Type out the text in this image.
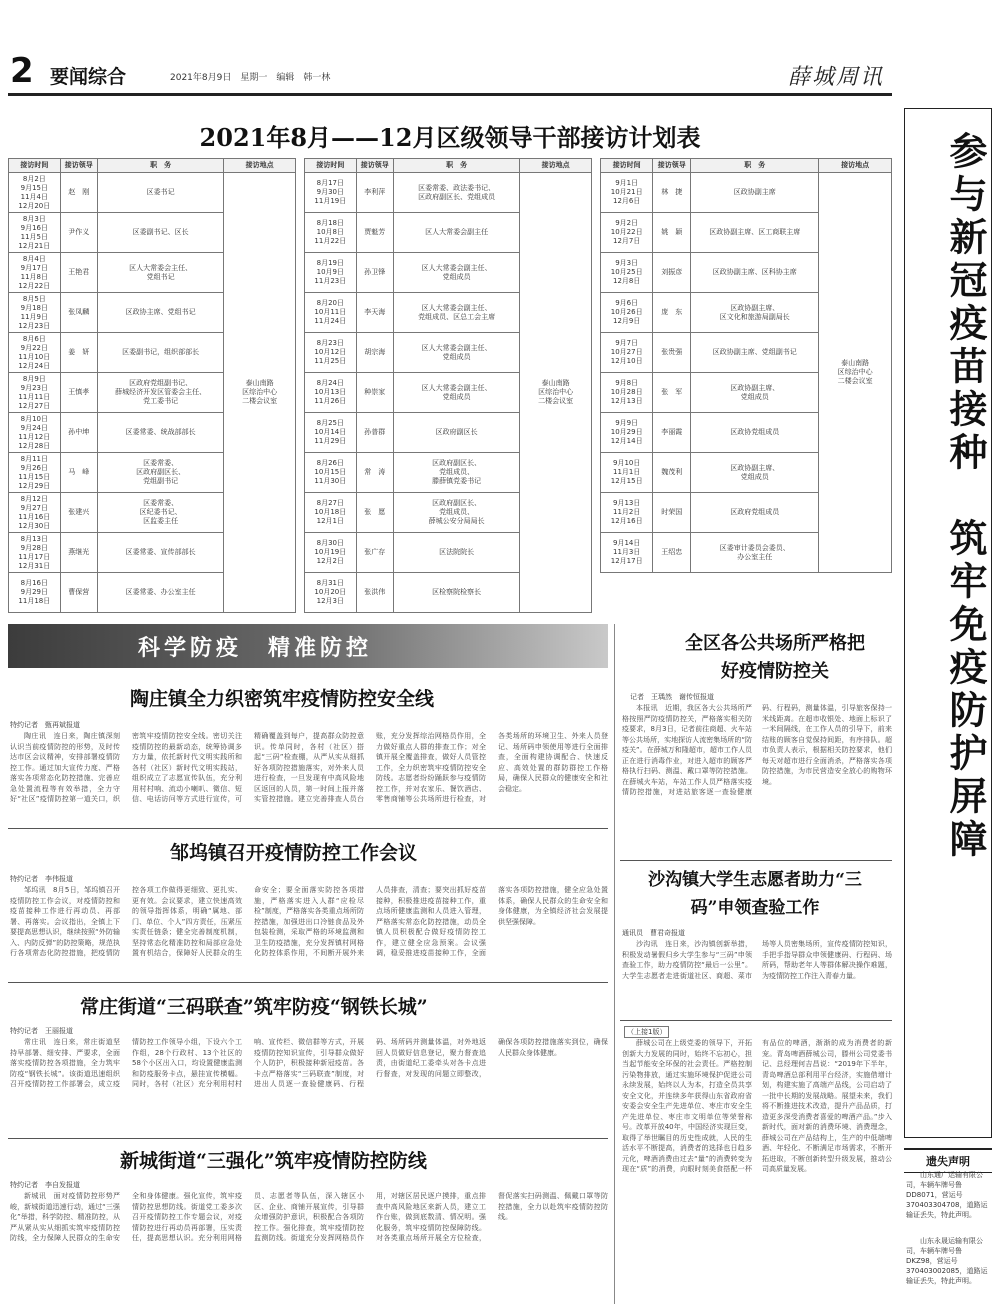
2 要闻综合	2021年8月9日　星期一　编辑　韩一林	薛城周讯
2021年8月——12月区级领导干部接访计划表
接访时间	接访领导	职　务	接访地点
8月2日
9月15日
11月4日
12月20日	赵　刚	区委书记	泰山南路
区综治中心
二楼会议室
8月3日
9月16日
11月5日
12月21日	尹作义	区委副书记、区长	
8月4日
9月17日
11月8日
12月22日	王艳君	区人大常委会主任、
党组书记	
8月5日
9月18日
11月9日
12月23日	张凤麟	区政协主席、党组书记	
8月6日
9月22日
11月10日
12月24日	姜　妍	区委副书记，组织部部长	
8月9日
9月23日
11月11日
12月27日	王慎孝	区政府党组副书记、
薛城经济开发区管委会主任、
党工委书记	
8月10日
9月24日
11月12日
12月28日	孙中坤	区委常委、统战部部长	
8月11日
9月26日
11月15日
12月29日	马　峰	区委常委、
区政府副区长、
党组副书记	
8月12日
9月27日
11月16日
12月30日	张建兴	区委常委、
区纪委书记、
区监委主任	
8月13日
9月28日
11月17日
12月31日	燕继光	区委常委、宣传部部长	
8月16日
9月29日
11月18日	曹保营	区委常委、办公室主任	
接访时间	接访领导	职　务	接访地点
8月17日
9月30日
11月19日	李利萍	区委常委、政法委书记、
区政府副区长、党组成员	泰山南路
区综治中心
二楼会议室
8月18日
10月8日
11月22日	贾魁芳	区人大常委会副主任	
8月19日
10月9日
11月23日	孙卫锋	区人大常委会副主任、
党组成员	
8月20日
10月11日
11月24日	李天海	区人大常委会副主任、
党组成员、区总工会主席	
8月23日
10月12日
11月25日	胡宗海	区人大常委会副主任、
党组成员	
8月24日
10月13日
11月26日	种崇家	区人大常委会副主任、
党组成员	
8月25日
10月14日
11月29日	孙普群	区政府副区长	
8月26日
10月15日
11月30日	常　涛	区政府副区长、
党组成员、
滕薛镇党委书记	
8月27日
10月18日
12月1日	张　愿	区政府副区长、
党组成员、
薛城公安分局局长	
8月30日
10月19日
12月2日	张广存	区法院院长	
8月31日
10月20日
12月3日	张洪伟	区检察院检察长	
接访时间	接访领导	职　务	接访地点
9月1日
10月21日
12月6日	林　捷	区政协副主席	泰山南路
区综治中心
二楼会议室
9月2日
10月22日
12月7日	姚　颖	区政协副主席、区工商联主席	
9月3日
10月25日
12月8日	刘振彦	区政协副主席、区科协主席	
9月6日
10月26日
12月9日	庞　东	区政协副主席、
区文化和旅游局副局长	
9月7日
10月27日
12月10日	张贵强	区政协副主席、党组副书记	
9月8日
10月28日
12月13日	张　军	区政协副主席、
党组成员	
9月9日
10月29日
12月14日	李丽霞	区政协党组成员	
9月10日
11月1日
12月15日	魏茂利	区政协副主席、
党组成员	
9月13日
11月2日
12月16日	时荣国	区政府党组成员	
9月14日
11月3日
12月17日	王绍忠	区委审计委员会委员、
办公室主任		参与新冠疫苗接种　筑牢免疫防护屏障
遗失声明
山东通广运输有限公司，车辆车牌号鲁DD8071，营运号370403304708，道路运输证丢失，特此声明。
山东永晟运输有限公司，车辆车牌号鲁DKZ98，营运号370403002085，道路运输证丢失，特此声明。
科学防疫　精准防控
陶庄镇全力织密筑牢疫情防控安全线
特约记者　甄再斌报道
陶庄讯　连日来，陶庄镇深刻认识当前疫情防控的形势，及时传达市区会议精神，安排部署疫情防控工作。通过加大宣传力度、严格落实各项常态化防控措施、完善应急处置流程等有效举措，全力守好“社区”疫情防控第一道关口，织密筑牢疫情防控安全线。密切关注疫情防控的最新动态，统筹协调多方力量，依托新时代文明实践所和各村（社区）新时代文明实践站，组织成立了志愿宣传队伍，充分利用村村响、流动小喇叭、微信、短信、电话访问等方式进行宣传，可精确覆盖到每户，提高群众防控意识。传单同时，各村（社区）搭起“三码”检查棚，从严从实从细抓好各项防控措施落实，对外来人员进行检查，一旦发现有中高风险地区返回的人员，第一时间上报并落实管控措施。建立完善排查人员台账，充分发挥综治网格员作用，全力做好重点人群的排查工作；对全镇开展全覆盖排查，做好人员管控工作，全力织密筑牢疫情防控安全防线。志愿者纷纷踊跃参与疫情防控工作，并对农家乐、餐饮酒店、零售商铺等公共场所进行检查，对各类场所的环境卫生、外来人员登记、场所码申领使用等进行全面排查，全面构建协调配合、快速反应、高效处置的群防群控工作格局，确保人民群众的健康安全和社会稳定。
邹坞镇召开疫情防控工作会议
特约记者　李伟报道
邹坞讯　8月5日，邹坞镇召开疫情防控工作会议，对疫情防控和疫苗接种工作进行再动员、再部署、再落实。会议指出，全镇上下要提高思想认识，继续按照“外防输入、内防反弹”的防控策略，规范执行各项常态化防控措施，把疫情防控各项工作做得更细致、更扎实、更有效。会议要求，建立快速高效的领导指挥体系，明确“属地、部门、单位、个人”四方责任，压紧压实责任链条；健全完善制度机制，坚持常态化精准防控和局部应急处置有机结合，保障好人民群众的生命安全；要全面落实防控各项措施，严格落实进入人群“应检尽检”制度，严格落实各类重点场所防控措施，加强进出口冷链食品及外包装检测，采取严格的环境监测和卫生防疫措施，充分发挥镇村网格化防控体系作用，不间断开展外来人员排查，清查；要突出抓好疫苗接种，积极推进疫苗接种工作，重点场所健康监测和人员进入管理，严格落实常态化防控措施，动员全镇人员积极配合做好疫情防控工作，建立健全应急预案。会议强调，稳妥推进疫苗接种工作，全面落实各项防控措施，健全应急处置体系，确保人民群众的生命安全和身体健康，为全镇经济社会发展提供坚强保障。
常庄街道“三码联查”筑牢防疫“钢铁长城”
特约记者　王丽报道
常庄讯　连日来，常庄街道坚持早部署、细安排、严要求，全面落实疫情防控各项措施，全力筑牢防疫“钢铁长城”。该街道迅速组织召开疫情防控工作部署会，成立疫情防控工作领导小组，下设六个工作组，28个行政村、13个社区的58个小区出入口，均设置健康监测和防疫服务卡点，悬挂宣传横幅。同时，各村（社区）充分利用村村响、宣传栏、微信群等方式，开展疫情防控知识宣传，引导群众做好个人防护，积极接种新冠疫苗。各卡点严格落实“三码联查”制度，对进出人员逐一查验健康码、行程码、场所码并测量体温，对外地返回人员做好信息登记，聚力督查追责，由街道纪工委牵头对各卡点进行督查，对发现的问题立即整改，确保各项防控措施落实到位，确保人民群众身体健康。
新城街道“三强化”筑牢疫情防控防线
特约记者　李自发报道
新城讯　面对疫情防控形势严峻，新城街道迅速行动，通过“三强化”举措，科学防控、精准防控，从严从紧从实从细抓实筑牢疫情防控防线，全力保障人民群众的生命安全和身体健康。强化宣传，筑牢疫情防控思想防线。街道党工委多次召开疫情防控工作专题会议，对疫情防控进行再动员再部署，压实责任，提高思想认识。充分利用网格员、志愿者等队伍，深入辖区小区、企业、商铺开展宣传，引导群众增强防护意识，积极配合各项防控工作。强化排查，筑牢疫情防控监测防线。街道充分发挥网格员作用，对辖区居民逐户摸排，重点排查中高风险地区来新人员，建立工作台账，做到底数清、情况明。强化服务，筑牢疫情防控保障防线。对各类重点场所开展全方位检查，督促落实扫码测温、佩戴口罩等防控措施，全力以赴筑牢疫情防控防线。
全区各公共场所严格把好疫情防控关
记者　王瑀然　谢传恒报道
本报讯　近期，我区各大公共场所严格按照严防疫情防控关，严格落实相关防疫要求，8月3日，记者前往商超、火车站等公共场所，实地探访人流密集场所的“防疫关”。在薛城万和隆超市，超市工作人员正在进行消毒作业，对进入超市的顾客严格执行扫码、测温、戴口罩等防控措施。在薛城火车站，车站工作人员严格落实疫情防控措施，对进站旅客逐一查验健康码、行程码，测量体温，引导旅客保持一米线距离。在超市收银处、地面上标识了一米间隔线，在工作人员的引导下，前来结账的顾客自觉保持间距，有序排队。超市负责人表示，根据相关防控要求，他们每天对超市进行全面消杀，严格落实各项防控措施，为市民营造安全放心的购物环境。
沙沟镇大学生志愿者助力“三码”申领查验工作
通讯员　曹君奇报道
沙沟讯　连日来，沙沟镇创新举措，积极发动暑假归乡大学生参与“三码”申领查验工作，助力疫情防控“最后一公里”。大学生志愿者走进街道社区、商超、菜市场等人员密集场所，宣传疫情防控知识，手把手指导群众申领健康码、行程码、场所码，帮助老年人等群体解决操作难题，为疫情防控工作注入青春力量。
（上接1版）
薛城公司在上级党委的领导下，开拓创新大力发展的同时，始终不忘初心，担当起节能安全环保的社会责任。严格控制污染物排放，通过实施环境保护促进公司永续发展，始终以人为本，打造全员共享安全文化，并连续多年获得山东省政府省安委会安全生产先进单位、枣庄市安全生产先进单位、枣庄市文明单位等荣誉称号。改革开放40年，中国经济实现巨变，取得了举世瞩目的历史性成就，人民的生活水平不断提高，消费者的选择也日趋多元化，啤酒消费由过去“量”的消费转变为现在“质”的消费，向眼时刻美食搭配一杯有品位的啤酒，渐渐的成为消费者的新宠。青岛啤酒薛城公司，滕州公司党委书记、总经理何吉昌说：“2019年下半年，青岛啤酒总部利用平台经济，实施借增计划，构建实施了高端产品线，公司启动了一批中长期的发展战略。展望未来，我们将不断推进技术改造，提升产品品质，打造更多深受消费者喜爱的啤酒产品。”步入新时代，面对新的消费环境、消费理念，薛城公司在产品结构上，生产的中低端啤酒、年轻化、不断满足市场需求，不断开拓进取，不断创新转型升级发展，推动公司高质量发展。
